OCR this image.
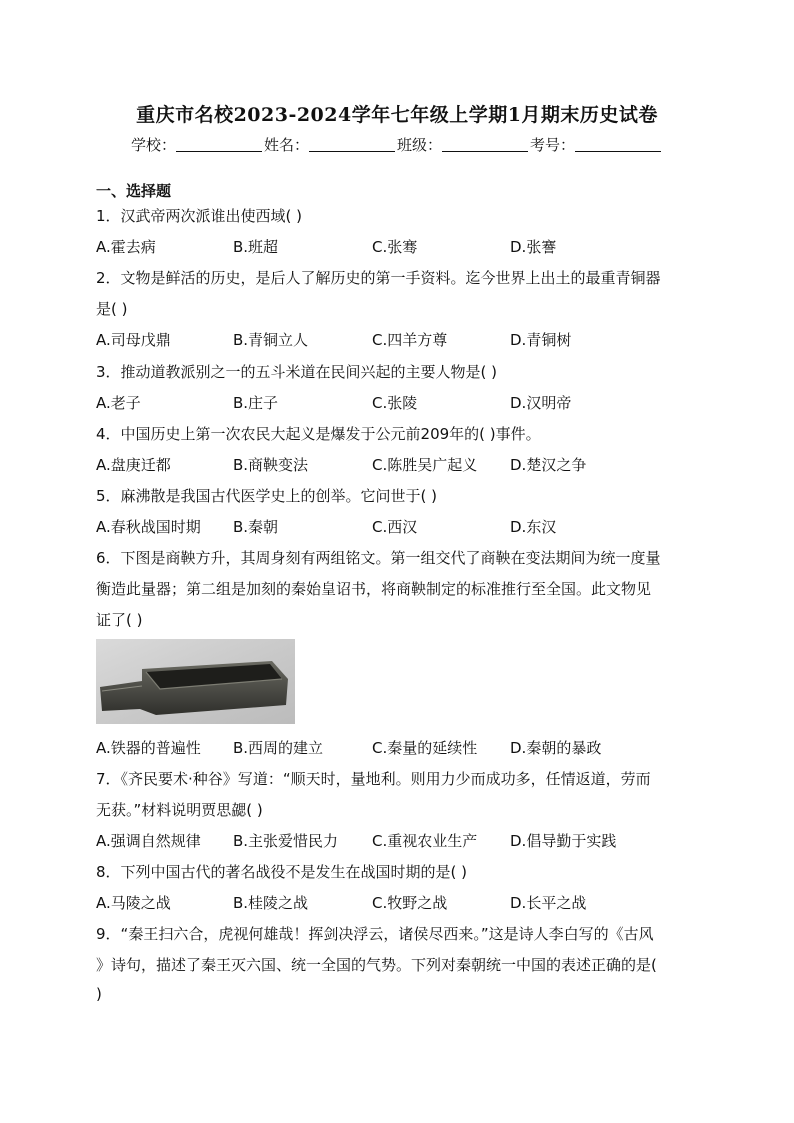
重庆市名校2023-2024学年七年级上学期1月期末历史试卷
学校：	姓名：	班级：	考号：
一、选择题
1．汉武帝两次派谁出使西域( )
A.霍去病	B.班超	C.张骞	D.张謇
2．文物是鲜活的历史，是后人了解历史的第一手资料。迄今世界上出土的最重青铜器
是( )
A.司母戊鼎	B.青铜立人	C.四羊方尊	D.青铜树
3．推动道教派别之一的五斗米道在民间兴起的主要人物是( )
A.老子	B.庄子	C.张陵	D.汉明帝
4．中国历史上第一次农民大起义是爆发于公元前209年的( )事件。
A.盘庚迁都	B.商鞅变法	C.陈胜吴广起义 D.楚汉之争
5．麻沸散是我国古代医学史上的创举。它问世于( )
A.春秋战国时期 B.秦朝	C.西汉	D.东汉
6．下图是商鞅方升，其周身刻有两组铭文。第一组交代了商鞅在变法期间为统一度量
衡造此量器；第二组是加刻的秦始皇诏书，将商鞅制定的标准推行至全国。此文物见
证了( )
A.铁器的普遍性 B.西周的建立	C.秦量的延续性 D.秦朝的暴政
7．《齐民要术·种谷》写道：“顺天时，量地利。则用力少而成功多，任情返道，劳而
无获。”材料说明贾思勰( )
A.强调自然规律 B.主张爱惜民力 C.重视农业生产 D.倡导勤于实践
8．下列中国古代的著名战役不是发生在战国时期的是( )
A.马陵之战	B.桂陵之战	C.牧野之战	D.长平之战
9．“秦王扫六合，虎视何雄哉！挥剑决浮云，诸侯尽西来。”这是诗人李白写的《古风
》诗句，描述了秦王灭六国、统一全国的气势。下列对秦朝统一中国的表述正确的是(
)
